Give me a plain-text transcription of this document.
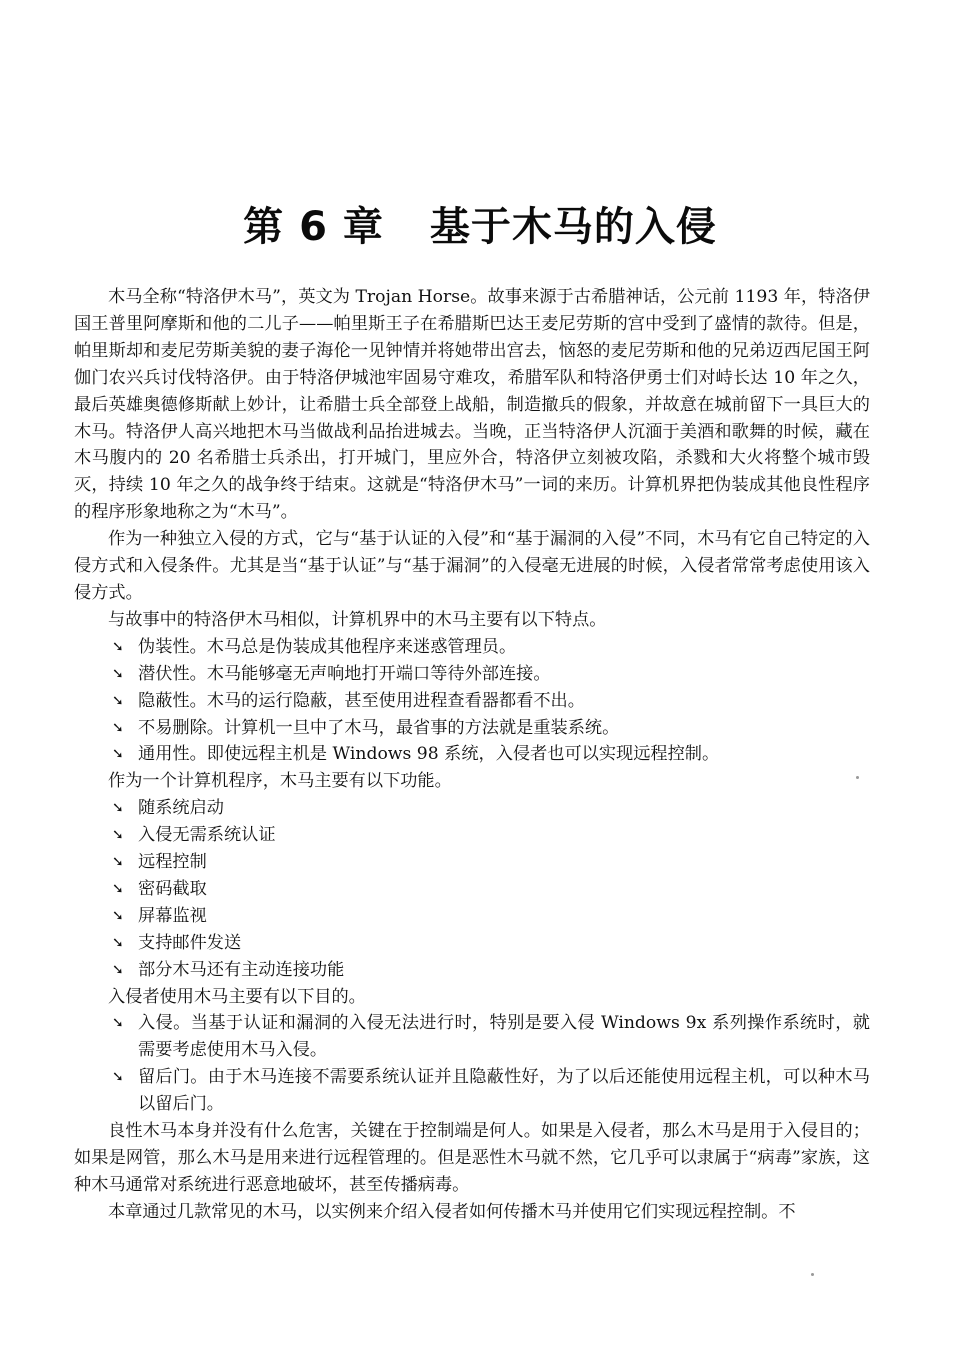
第 6 章 基于木马的入侵

木马全称“特洛伊木马”，英文为 Trojan Horse。故事来源于古希腊神话，公元前 1193 年，特洛伊国王普里阿摩斯和他的二儿子——帕里斯王子在希腊斯巴达王麦尼劳斯的宫中受到了盛情的款待。但是，帕里斯却和麦尼劳斯美貌的妻子海伦一见钟情并将她带出宫去，恼怒的麦尼劳斯和他的兄弟迈西尼国王阿伽门农兴兵讨伐特洛伊。由于特洛伊城池牢固易守难攻，希腊军队和特洛伊勇士们对峙长达 10 年之久，最后英雄奥德修斯献上妙计，让希腊士兵全部登上战船，制造撤兵的假象，并故意在城前留下一具巨大的木马。特洛伊人高兴地把木马当做战利品抬进城去。当晚，正当特洛伊人沉湎于美酒和歌舞的时候，藏在木马腹内的 20 名希腊士兵杀出，打开城门，里应外合，特洛伊立刻被攻陷，杀戮和大火将整个城市毁灭，持续 10 年之久的战争终于结束。这就是“特洛伊木马”一词的来历。计算机界把伪装成其他良性程序的程序形象地称之为“木马”。

作为一种独立入侵的方式，它与“基于认证的入侵”和“基于漏洞的入侵”不同，木马有它自己特定的入侵方式和入侵条件。尤其是当“基于认证”与“基于漏洞”的入侵毫无进展的时候，入侵者常常考虑使用该入侵方式。

与故事中的特洛伊木马相似，计算机界中的木马主要有以下特点。

➘ 伪装性。木马总是伪装成其他程序来迷惑管理员。

➘ 潜伏性。木马能够毫无声响地打开端口等待外部连接。

➘ 隐蔽性。木马的运行隐蔽，甚至使用进程查看器都看不出。

➘ 不易删除。计算机一旦中了木马，最省事的方法就是重装系统。

➘ 通用性。即使远程主机是 Windows 98 系统，入侵者也可以实现远程控制。

作为一个计算机程序，木马主要有以下功能。

➘ 随系统启动

➘ 入侵无需系统认证

➘ 远程控制

➘ 密码截取

➘ 屏幕监视

➘ 支持邮件发送

➘ 部分木马还有主动连接功能

入侵者使用木马主要有以下目的。

➘ 入侵。当基于认证和漏洞的入侵无法进行时，特别是要入侵 Windows 9x 系列操作系统时，就需要考虑使用木马入侵。

➘ 留后门。由于木马连接不需要系统认证并且隐蔽性好，为了以后还能使用远程主机，可以种木马以留后门。

良性木马本身并没有什么危害，关键在于控制端是何人。如果是入侵者，那么木马是用于入侵目的；如果是网管，那么木马是用来进行远程管理的。但是恶性木马就不然，它几乎可以隶属于“病毒”家族，这种木马通常对系统进行恶意地破坏，甚至传播病毒。

本章通过几款常见的木马，以实例来介绍入侵者如何传播木马并使用它们实现远程控制。不
